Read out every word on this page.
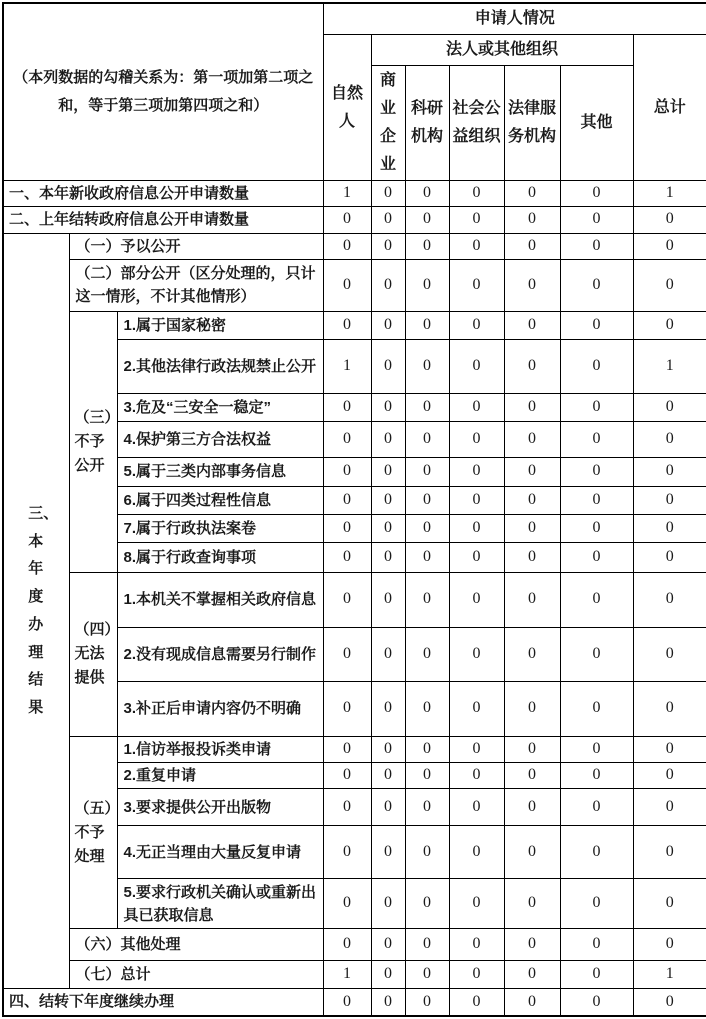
（本列数据的勾稽关系为：第一项加第二项之和，等于第三项加第四项之和）			申请人情况						
			自然人	法人或其他组织					总计
				商业企业	科研机构	社会公益组织	法律服务机构	其他	
一、本年新收政府信息公开申请数量			1	0	0	0	0	0	1
二、上年结转政府信息公开申请数量			0	0	0	0	0	0	0

三、本年度办理结果	（一）予以公开		0	0	0	0	0	0	0
	（二）部分公开（区分处理的，只计这一情形，不计其他情形）		0	0	0	0	0	0	0
	（三）不予公开	1.属于国家秘密	0	0	0	0	0	0	0
		2.其他法律行政法规禁止公开	1	0	0	0	0	0	1
		3.危及“三安全一稳定”	0	0	0	0	0	0	0
		4.保护第三方合法权益	0	0	0	0	0	0	0
		5.属于三类内部事务信息	0	0	0	0	0	0	0
		6.属于四类过程性信息	0	0	0	0	0	0	0
		7.属于行政执法案卷	0	0	0	0	0	0	0
		8.属于行政查询事项	0	0	0	0	0	0	0
	（四）无法提供	1.本机关不掌握相关政府信息	0	0	0	0	0	0	0
		2.没有现成信息需要另行制作	0	0	0	0	0	0	0
		3.补正后申请内容仍不明确	0	0	0	0	0	0	0
	（五）不予处理	1.信访举报投诉类申请	0	0	0	0	0	0	0
		2.重复申请	0	0	0	0	0	0	0
		3.要求提供公开出版物	0	0	0	0	0	0	0
		4.无正当理由大量反复申请	0	0	0	0	0	0	0
		5.要求行政机关确认或重新出具已获取信息	0	0	0	0	0	0	0
	（六）其他处理		0	0	0	0	0	0	0
	（七）总计		1	0	0	0	0	0	1
四、结转下年度继续办理			0	0	0	0	0	0	0
